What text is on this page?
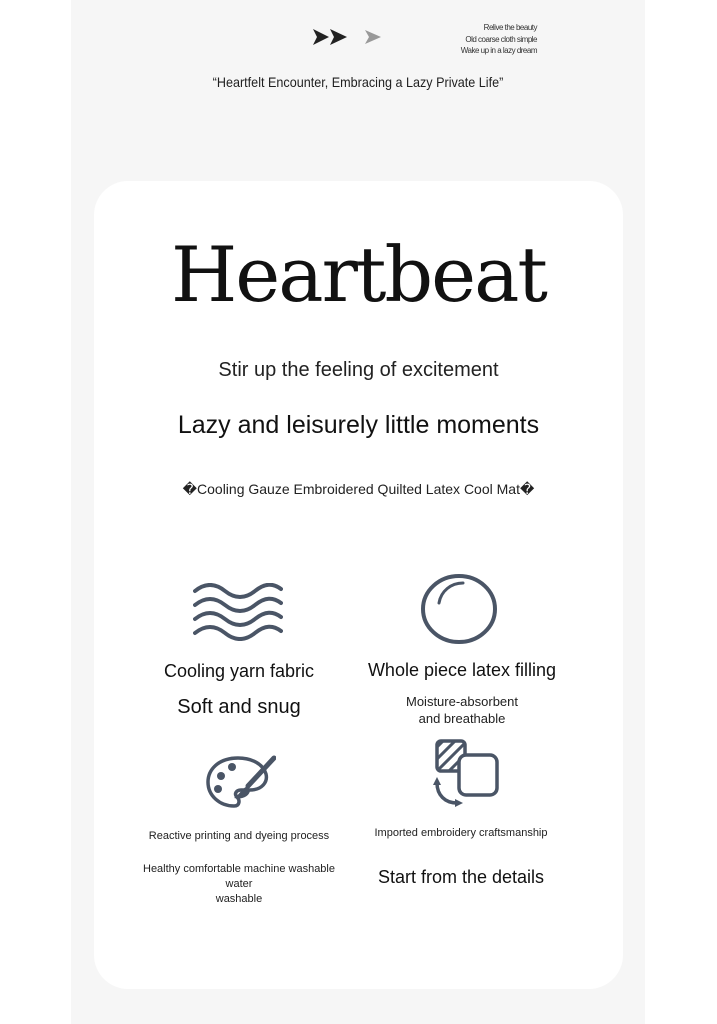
Relive the beauty
Old coarse cloth simple
Wake up in a lazy dream
“Heartfelt Encounter, Embracing a Lazy Private Life”
Heartbeat
Stir up the feeling of excitement
Lazy and leisurely little moments
�Cooling Gauze Embroidered Quilted Latex Cool Mat�
Cooling yarn fabric
Soft and snug
Whole piece latex filling
Moisture-absorbent
and breathable
Reactive printing and dyeing process
Healthy comfortable machine washable water
washable
Imported embroidery craftsmanship
Start from the details
